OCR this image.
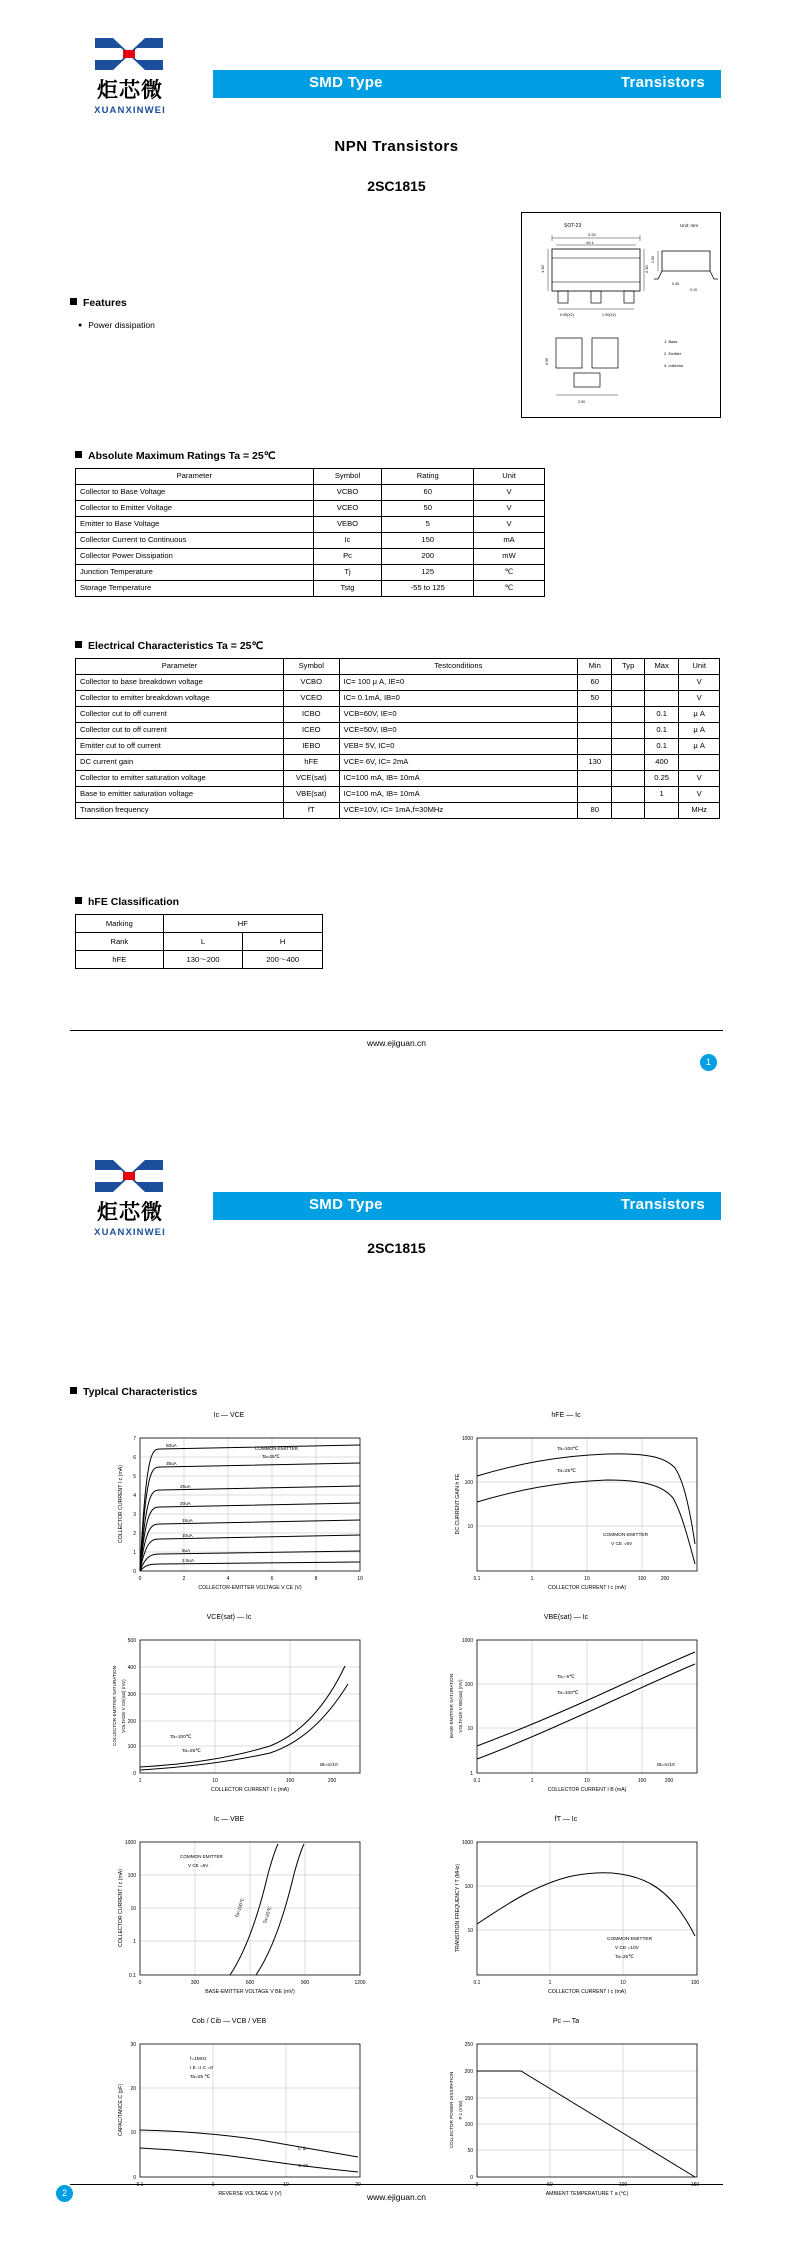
炬芯微
XUANXINWEI
SMD Type	Transistors
NPN Transistors
2SC1815
Features
● Power dissipation
SOT-23	Unit: mm
2.92
±0.1
1.30	2.40
0.95(X2)	1.90(X2)
0.10
0.45
1.00
2.00
0.55
1. Base
2. Emitter
3. collector
Absolute Maximum Ratings Ta = 25℃
Parameter	Symbol	Rating	Unit
Collector to Base Voltage	VCBO	60	V
Collector to Emitter Voltage	VCEO	50	V
Emitter to Base Voltage	VEBO	5	V
Collector Current to Continuous	Ic	150	mA
Collector Power Dissipation	Pc	200	mW
Junction Temperature	Tj	125	℃
Storage Temperature	Tstg	-55 to 125	℃
Electrical Characteristics Ta = 25℃
Parameter	Symbol	Testconditions	Min	Typ	Max	Unit
Collector to base breakdown voltage	VCBO	IC= 100 μ A, IE=0	60			V
Collector to emitter breakdown voltage	VCEO	IC= 0.1mA, IB=0	50			V
Collector cut to off current	ICBO	VCB=60V, IE=0			0.1	μ A
Collector cut to off current	ICEO	VCE=50V, IB=0			0.1	μ A
Emitter cut to off current	IEBO	VEB= 5V, IC=0			0.1	μ A
DC current gain	hFE	VCE= 6V, IC= 2mA	130		400	
Collector to emitter saturation voltage	VCE(sat)	IC=100 mA, IB= 10mA			0.25	V
Base to emitter saturation voltage	VBE(sat)	IC=100 mA, IB= 10mA			1	V
Transition frequency	fT	VCE=10V, IC= 1mA,f=30MHz	80			MHz
hFE Classification
Marking	HF	
Rank	L	H
hFE	130～200	200～400
www.ejiguan.cn
1
炬芯微
XUANXINWEI
SMD Type	Transistors
2SC1815
TypIcal Characteristics
Ic — VCE
50uA
35uA
25uA
20uA
15uA
10uA
5uA
2.5uA
COMMON-EMITTER
Ta=25℃
0
1
2
3
4
5
6
7
0	2	4	6	8	10
COLLECTOR-EMITTER VOLTAGE V CE (V)
COLLECTOR CURRENT I c (mA)
hFE — Ic
Ta=100℃
Ta=25℃
COMMON-EMITTER
V CE =6V
1000
100
10
0.1	1	10	100	200
COLLECTOR CURRENT I c (mA)
DC CURRENT GAIN h FE
VCE(sat) — Ic
Ta=100℃
Ta=25℃
IB=Ic/10
500
400
300
200
100
0
1	10	100	200
COLLECTOR CURRENT I c (mA)
COLLECTOR-EMITTER SATURATION VOLTAGE V CE(sat) (mV)
VBE(sat) — Ic
Ta=-5℃
Ta=100℃
IB=Ic/10
1000
100
10
1
0.1	1	10	100	200
COLLECTOR CURRENT I B (mA)
BASE-EMITTER SATURATION VOLTAGE V BE(sat) (mV)
Ic — VBE
COMMON EMITTER
V CE =6V
Ta=100℃	Ta=25℃
1000
100
10
1
0.1
0	300	600	900	1200
BASE-EMITTER VOLTAGE V BE (mV)
COLLECTOR CURRENT I c (mA)
fT — Ic
COMMON-EMITTER
V CE =10V
Ta=25℃
1000
100
10
0.1	1	10	100
COLLECTOR CURRENT I c (mA)
TRANSITION FREQUENCY f T (MHz)
Cob / Cib — VCB / VEB
f=1MHz
I E =I C =0
Ta=25 ℃
C ib
C ob
30
20
10
0
0.1	1	10	20
REVERSE VOLTAGE V (V)
CAPACITANCE C (pF)
Pc — Ta
250
200
150
100
50
0
0	50	100	150
AMBIENT TEMPERATURE T a (℃)
COLLECTOR POWER DISSIPATION P c (mW)
www.ejiguan.cn
2
